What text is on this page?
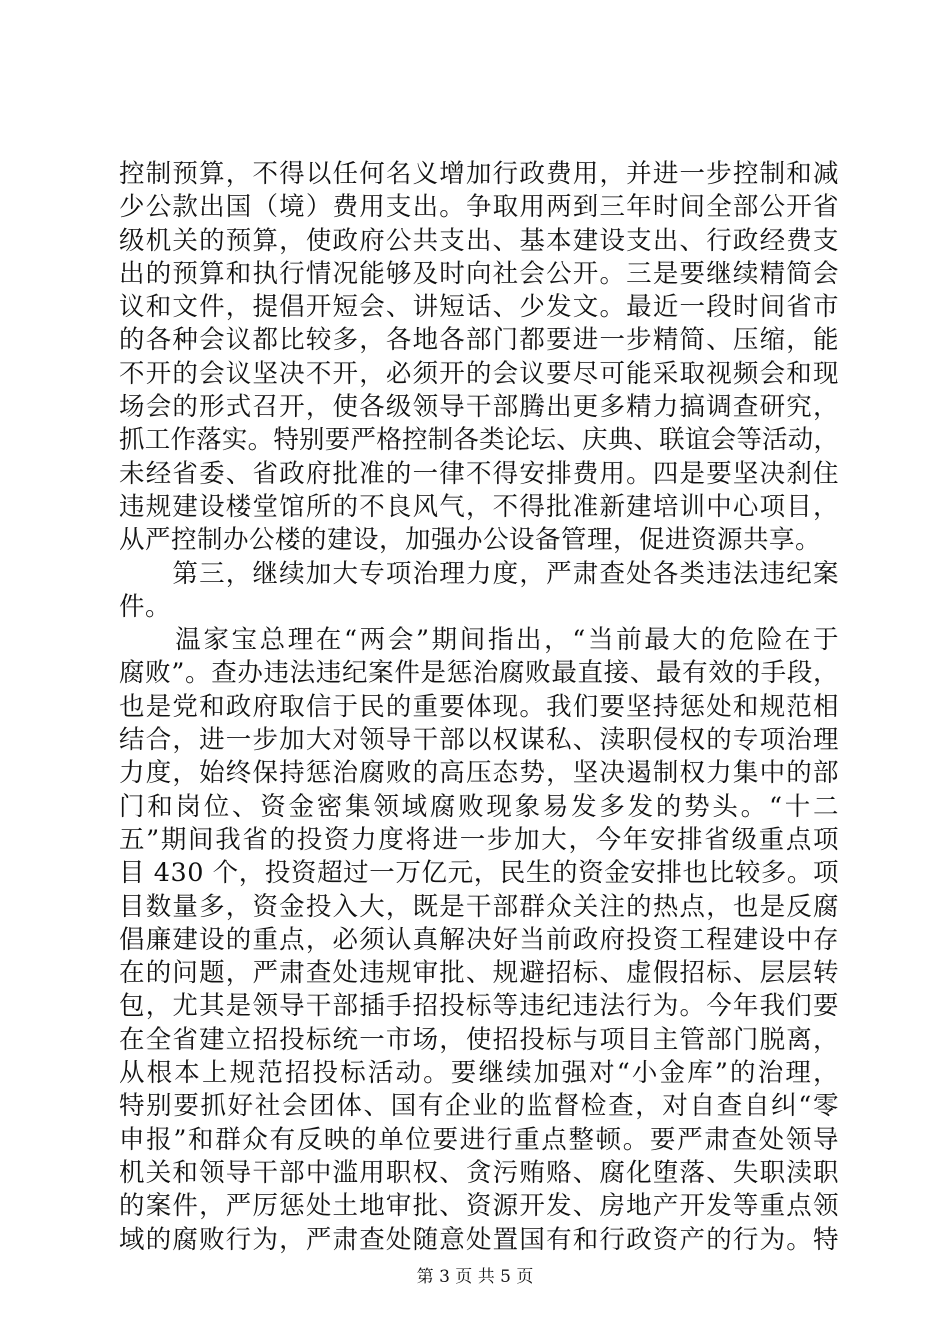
控制预算，不得以任何名义增加行政费用，并进一步控制和减
少公款出国（境）费用支出。争取用两到三年时间全部公开省
级机关的预算，使政府公共支出、基本建设支出、行政经费支
出的预算和执行情况能够及时向社会公开。三是要继续精简会
议和文件，提倡开短会、讲短话、少发文。最近一段时间省市
的各种会议都比较多，各地各部门都要进一步精简、压缩，能
不开的会议坚决不开，必须开的会议要尽可能采取视频会和现
场会的形式召开，使各级领导干部腾出更多精力搞调查研究，
抓工作落实。特别要严格控制各类论坛、庆典、联谊会等活动，
未经省委、省政府批准的一律不得安排费用。四是要坚决刹住
违规建设楼堂馆所的不良风气，不得批准新建培训中心项目，
从严控制办公楼的建设，加强办公设备管理，促进资源共享。
　　第三，继续加大专项治理力度，严肃查处各类违法违纪案
件。
　　温家宝总理在“两会”期间指出，“当前最大的危险在于
腐败”。查办违法违纪案件是惩治腐败最直接、最有效的手段，
也是党和政府取信于民的重要体现。我们要坚持惩处和规范相
结合，进一步加大对领导干部以权谋私、渎职侵权的专项治理
力度，始终保持惩治腐败的高压态势，坚决遏制权力集中的部
门和岗位、资金密集领域腐败现象易发多发的势头。“十二
五”期间我省的投资力度将进一步加大，今年安排省级重点项
目 430 个，投资超过一万亿元，民生的资金安排也比较多。项
目数量多，资金投入大，既是干部群众关注的热点，也是反腐
倡廉建设的重点，必须认真解决好当前政府投资工程建设中存
在的问题，严肃查处违规审批、规避招标、虚假招标、层层转
包，尤其是领导干部插手招投标等违纪违法行为。今年我们要
在全省建立招投标统一市场，使招投标与项目主管部门脱离，
从根本上规范招投标活动。要继续加强对“小金库”的治理，
特别要抓好社会团体、国有企业的监督检查，对自查自纠“零
申报”和群众有反映的单位要进行重点整顿。要严肃查处领导
机关和领导干部中滥用职权、贪污贿赂、腐化堕落、失职渎职
的案件，严厉惩处土地审批、资源开发、房地产开发等重点领
域的腐败行为，严肃查处随意处置国有和行政资产的行为。特
第 3 页 共 5 页
